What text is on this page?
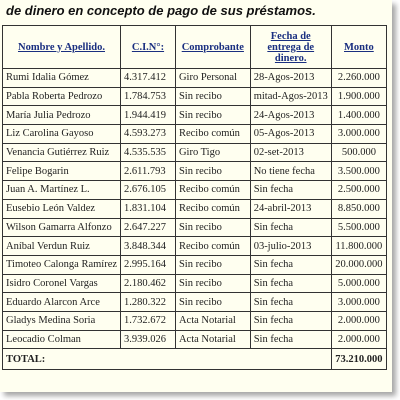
de dinero en concepto de pago de sus préstamos.
Nombre y Apellido.	C.I.N°:	Comprobante	Fecha de entrega de dinero.	Monto
Rumi Idalia Gómez	4.317.412	Giro Personal	28-Agos-2013	2.260.000
Pabla Roberta Pedrozo	1.784.753	Sin recibo	mitad-Agos-2013	1.900.000
María Julia Pedrozo	1.944.419	Sin recibo	24-Agos-2013	1.400.000
Liz Carolina Gayoso	4.593.273	Recibo común	05-Agos-2013	3.000.000
Venancia Gutiérrez Ruiz	4.535.535	Giro Tigo	02-set-2013	500.000
Felipe Bogarin	2.611.793	Sin recibo	No tiene fecha	3.500.000
Juan A. Martínez L.	2.676.105	Recibo común	Sin fecha	2.500.000
Eusebio León Valdez	1.831.104	Recibo común	24-abril-2013	8.850.000
Wilson Gamarra Alfonzo	2.647.227	Sin recibo	Sin fecha	5.500.000
Aníbal Verdun Ruiz	3.848.344	Recibo común	03-julio-2013	11.800.000
Timoteo Calonga Ramírez	2.995.164	Sin recibo	Sin fecha	20.000.000
Isidro Coronel Vargas	2.180.462	Sin recibo	Sin fecha	5.000.000
Eduardo Alarcon Arce	1.280.322	Sin recibo	Sin fecha	3.000.000
Gladys Medina Soria	1.732.672	Acta Notarial	Sin fecha	2.000.000
Leocadio Colman	3.939.026	Acta Notarial	Sin fecha	2.000.000
TOTAL:				73.210.000
